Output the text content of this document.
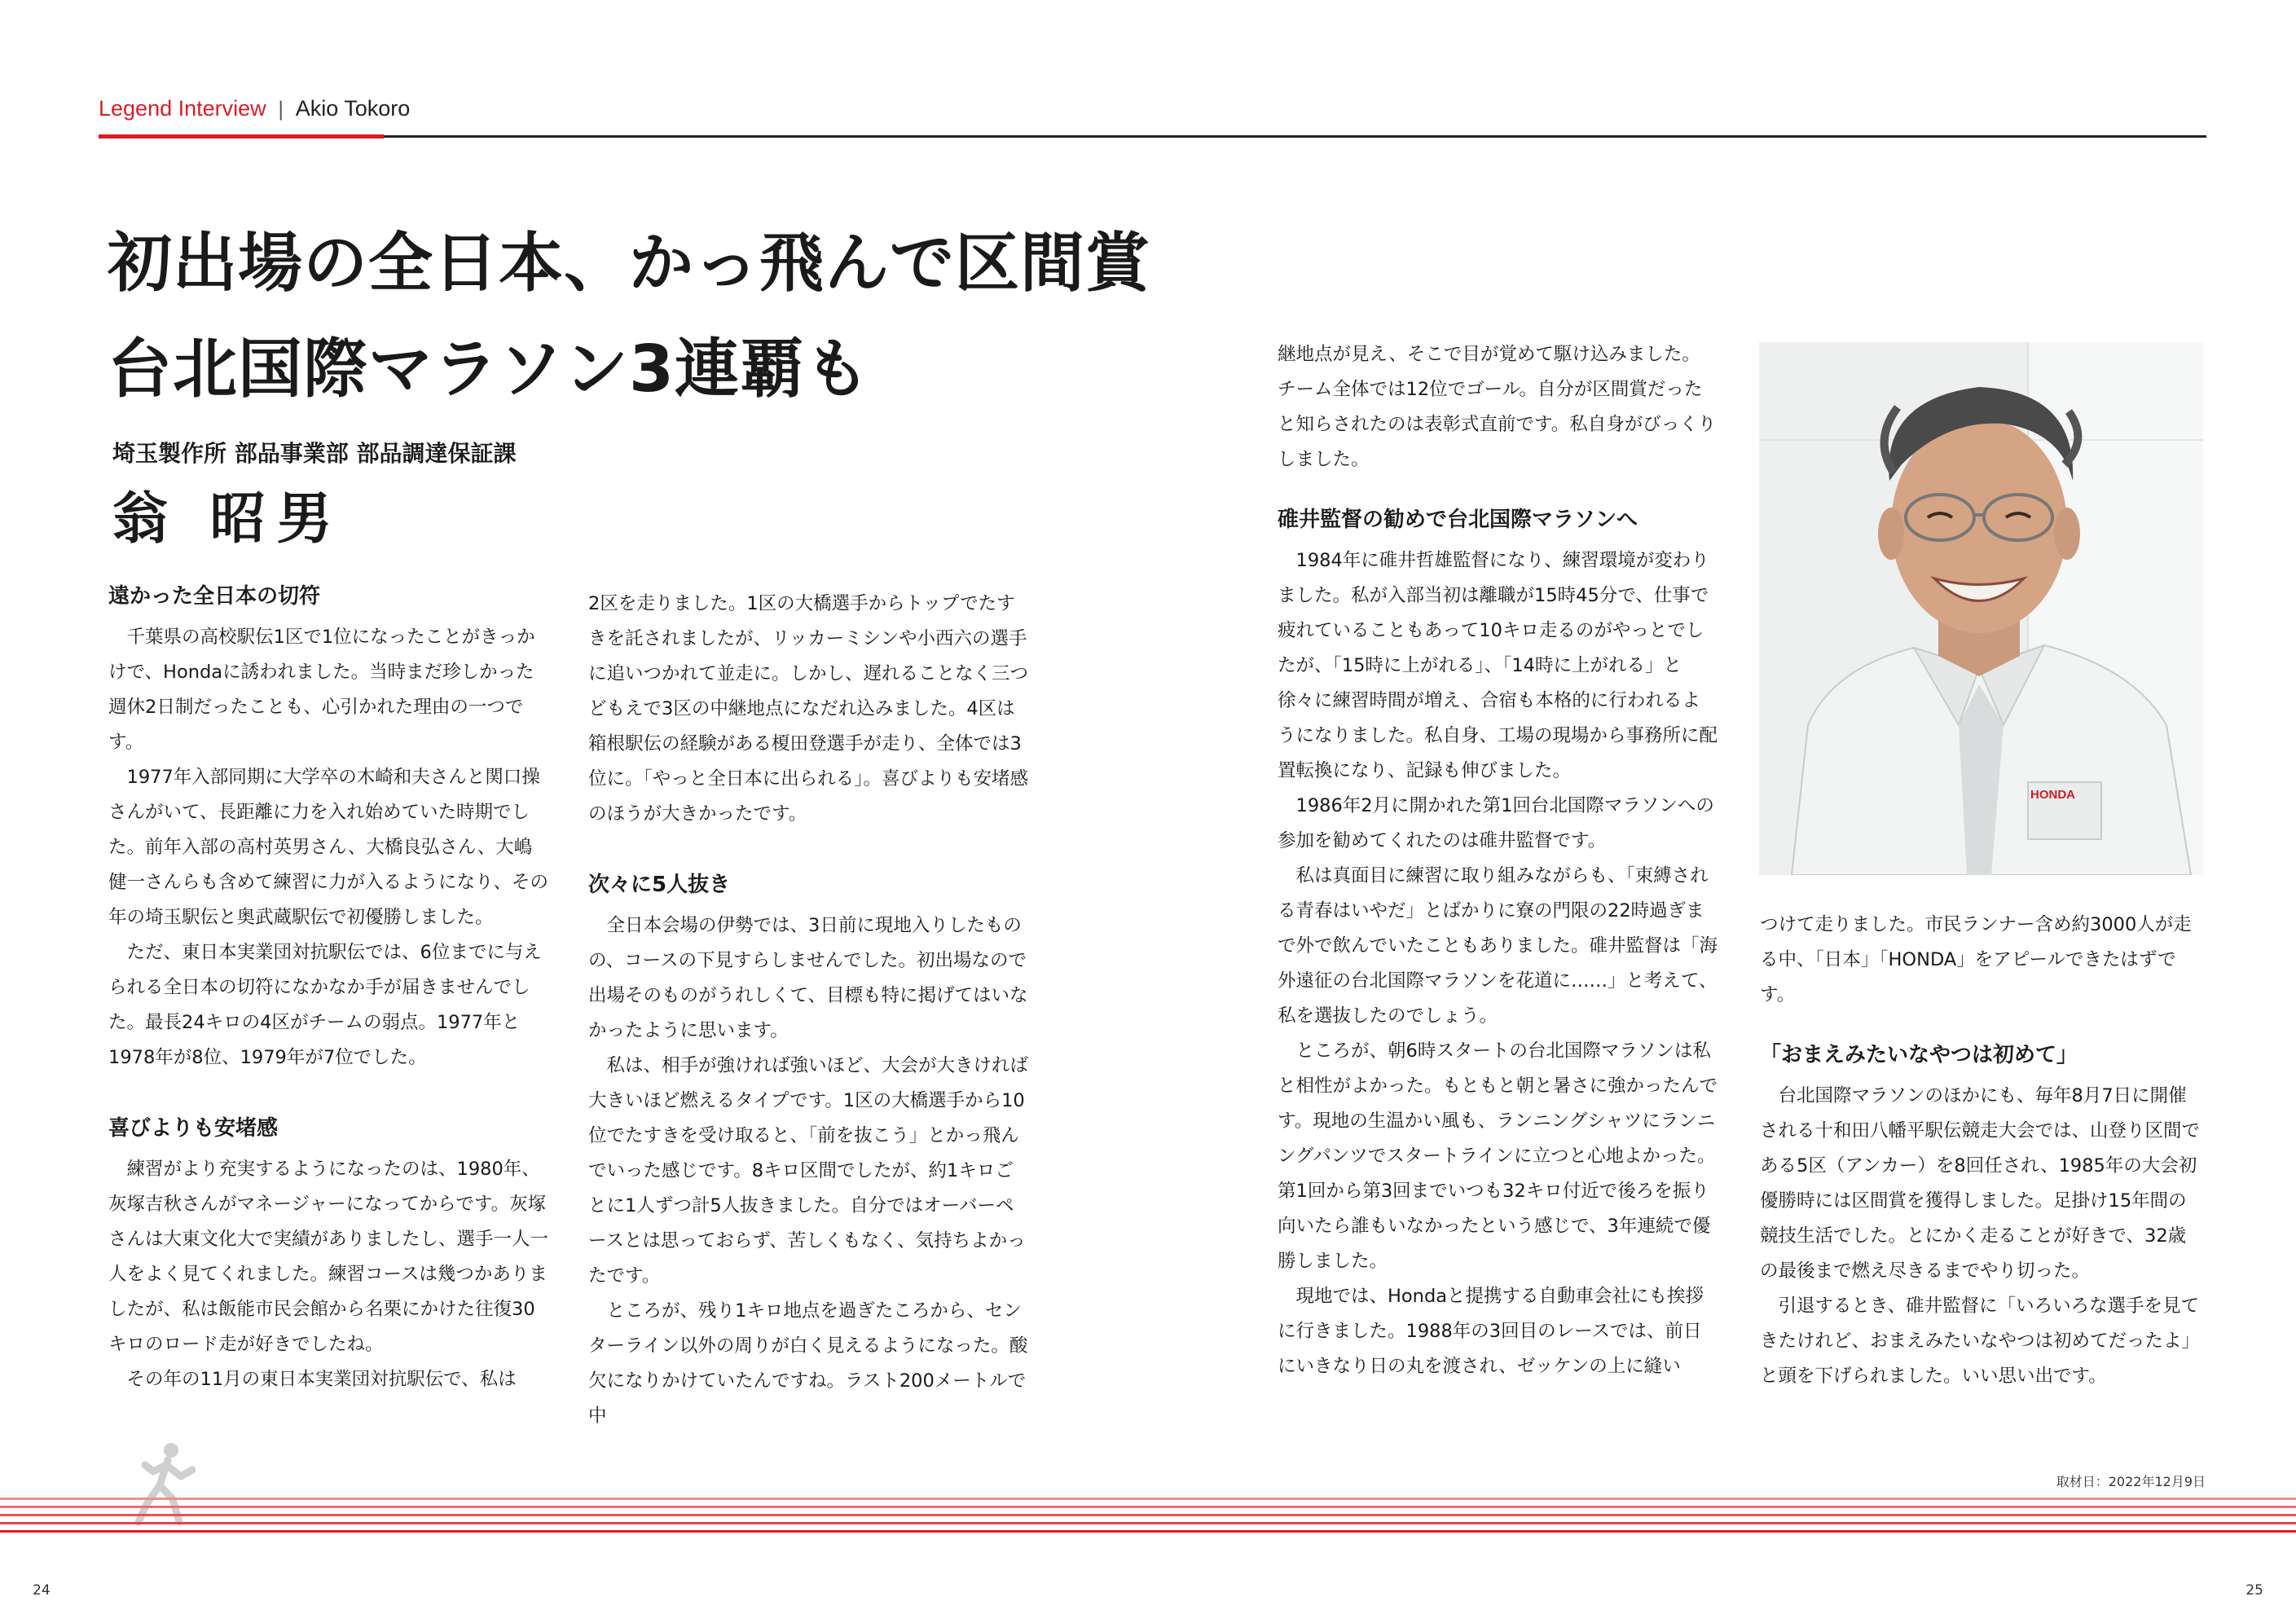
Legend Interview | Akio Tokoro
初出場の全日本、かっ飛んで区間賞
台北国際マラソン3連覇も
埼玉製作所 部品事業部 部品調達保証課
翁 昭男
遠かった全日本の切符

千葉県の高校駅伝1区で1位になったことがきっかけで、Hondaに誘われました。当時まだ珍しかった週休2日制だったことも、心引かれた理由の一つです。

1977年入部同期に大学卒の木崎和夫さんと関口操さんがいて、長距離に力を入れ始めていた時期でした。前年入部の高村英男さん、大橋良弘さん、大嶋健一さんらも含めて練習に力が入るようになり、その年の埼玉駅伝と奥武蔵駅伝で初優勝しました。

ただ、東日本実業団対抗駅伝では、6位までに与えられる全日本の切符になかなか手が届きませんでした。最長24キロの4区がチームの弱点。1977年と1978年が8位、1979年が7位でした。

喜びよりも安堵感

練習がより充実するようになったのは、1980年、灰塚吉秋さんがマネージャーになってからです。灰塚さんは大東文化大で実績がありましたし、選手一人一人をよく見てくれました。練習コースは幾つかありましたが、私は飯能市民会館から名栗にかけた往復30キロのロード走が好きでしたね。

その年の11月の東日本実業団対抗駅伝で、私は

2区を走りました。1区の大橋選手からトップでたすきを託されましたが、リッカーミシンや小西六の選手に追いつかれて並走に。しかし、遅れることなく三つどもえで3区の中継地点になだれ込みました。4区は箱根駅伝の経験がある榎田登選手が走り、全体では3位に。「やっと全日本に出られる」。喜びよりも安堵感のほうが大きかったです。

次々に5人抜き

全日本会場の伊勢では、3日前に現地入りしたものの、コースの下見すらしませんでした。初出場なので出場そのものがうれしくて、目標も特に掲げてはいなかったように思います。

私は、相手が強ければ強いほど、大会が大きければ大きいほど燃えるタイプです。1区の大橋選手から10位でたすきを受け取ると、「前を抜こう」とかっ飛んでいった感じです。8キロ区間でしたが、約1キロごとに1人ずつ計5人抜きました。自分ではオーバーペースとは思っておらず、苦しくもなく、気持ちよかったです。

ところが、残り1キロ地点を過ぎたころから、センターライン以外の周りが白く見えるようになった。酸欠になりかけていたんですね。ラスト200メートルで中

継地点が見え、そこで目が覚めて駆け込みました。チーム全体では12位でゴール。自分が区間賞だったと知らされたのは表彰式直前です。私自身がびっくりしました。

碓井監督の勧めで台北国際マラソンへ

1984年に碓井哲雄監督になり、練習環境が変わりました。私が入部当初は離職が15時45分で、仕事で疲れていることもあって10キロ走るのがやっとでしたが、「15時に上がれる」、「14時に上がれる」と徐々に練習時間が増え、合宿も本格的に行われるようになりました。私自身、工場の現場から事務所に配置転換になり、記録も伸びました。

1986年2月に開かれた第1回台北国際マラソンへの参加を勧めてくれたのは碓井監督です。

私は真面目に練習に取り組みながらも、「束縛される青春はいやだ」とばかりに寮の門限の22時過ぎまで外で飲んでいたこともありました。碓井監督は「海外遠征の台北国際マラソンを花道に……」と考えて、私を選抜したのでしょう。

ところが、朝6時スタートの台北国際マラソンは私と相性がよかった。もともと朝と暑さに強かったんです。現地の生温かい風も、ランニングシャツにランニングパンツでスタートラインに立つと心地よかった。第1回から第3回までいつも32キロ付近で後ろを振り向いたら誰もいなかったという感じで、3年連続で優勝しました。

現地では、Hondaと提携する自動車会社にも挨拶に行きました。1988年の3回目のレースでは、前日にいきなり日の丸を渡され、ゼッケンの上に縫い

HONDA

つけて走りました。市民ランナー含め約3000人が走る中、「日本」「HONDA」をアピールできたはずです。

「おまえみたいなやつは初めて」

台北国際マラソンのほかにも、毎年8月7日に開催される十和田八幡平駅伝競走大会では、山登り区間である5区（アンカー）を8回任され、1985年の大会初優勝時には区間賞を獲得しました。足掛け15年間の競技生活でした。とにかく走ることが好きで、32歳の最後まで燃え尽きるまでやり切った。

引退するとき、碓井監督に「いろいろな選手を見てきたけれど、おまえみたいなやつは初めてだったよ」と頭を下げられました。いい思い出です。

取材日：2022年12月9日
24	25
